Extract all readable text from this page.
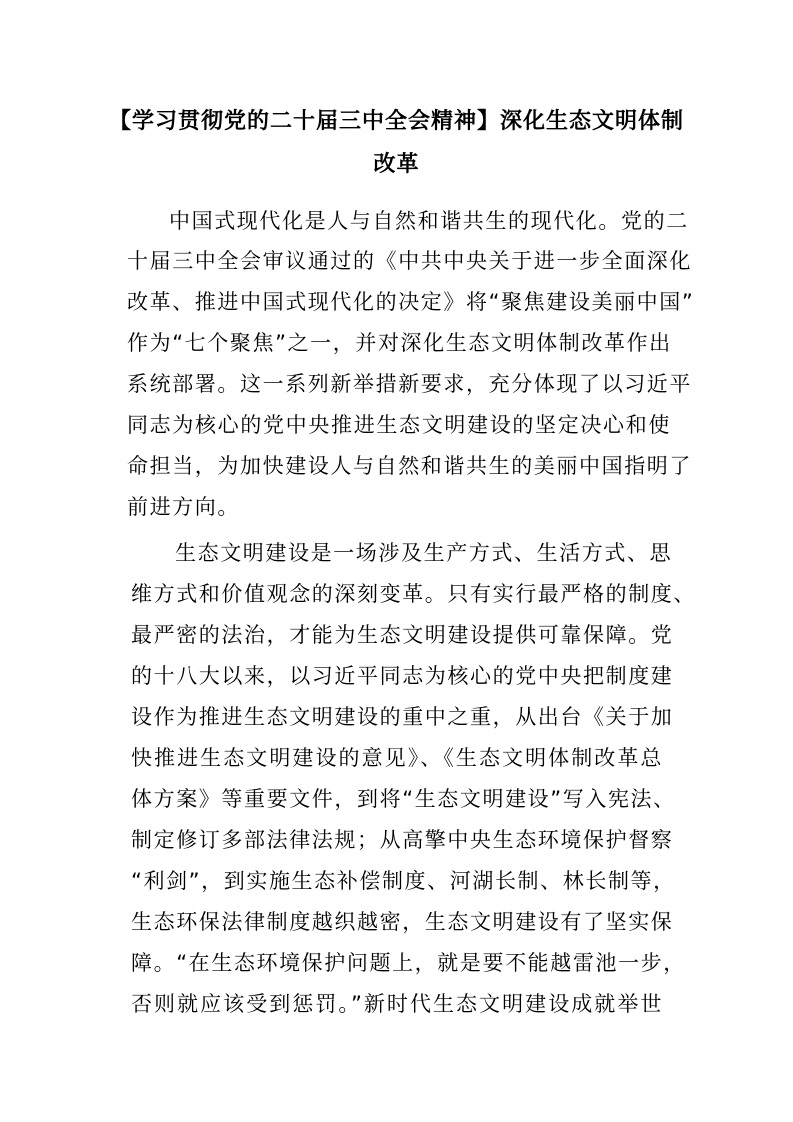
【学习贯彻党的二十届三中全会精神】深化生态文明体制
改革
中国式现代化是人与自然和谐共生的现代化。党的二
十届三中全会审议通过的《中共中央关于进一步全面深化
改革、推进中国式现代化的决定》将“聚焦建设美丽中国”
作为“七个聚焦”之一，并对深化生态文明体制改革作出
系统部署。这一系列新举措新要求，充分体现了以习近平
同志为核心的党中央推进生态文明建设的坚定决心和使
命担当，为加快建设人与自然和谐共生的美丽中国指明了
前进方向。
生态文明建设是一场涉及生产方式、生活方式、思
维方式和价值观念的深刻变革。只有实行最严格的制度、
最严密的法治，才能为生态文明建设提供可靠保障。党
的十八大以来，以习近平同志为核心的党中央把制度建
设作为推进生态文明建设的重中之重，从出台《关于加
快推进生态文明建设的意见》、《生态文明体制改革总
体方案》等重要文件，到将“生态文明建设”写入宪法、
制定修订多部法律法规；从高擎中央生态环境保护督察
“利剑”，到实施生态补偿制度、河湖长制、林长制等，
生态环保法律制度越织越密，生态文明建设有了坚实保
障。“在生态环境保护问题上，就是要不能越雷池一步，
否则就应该受到惩罚。”新时代生态文明建设成就举世
